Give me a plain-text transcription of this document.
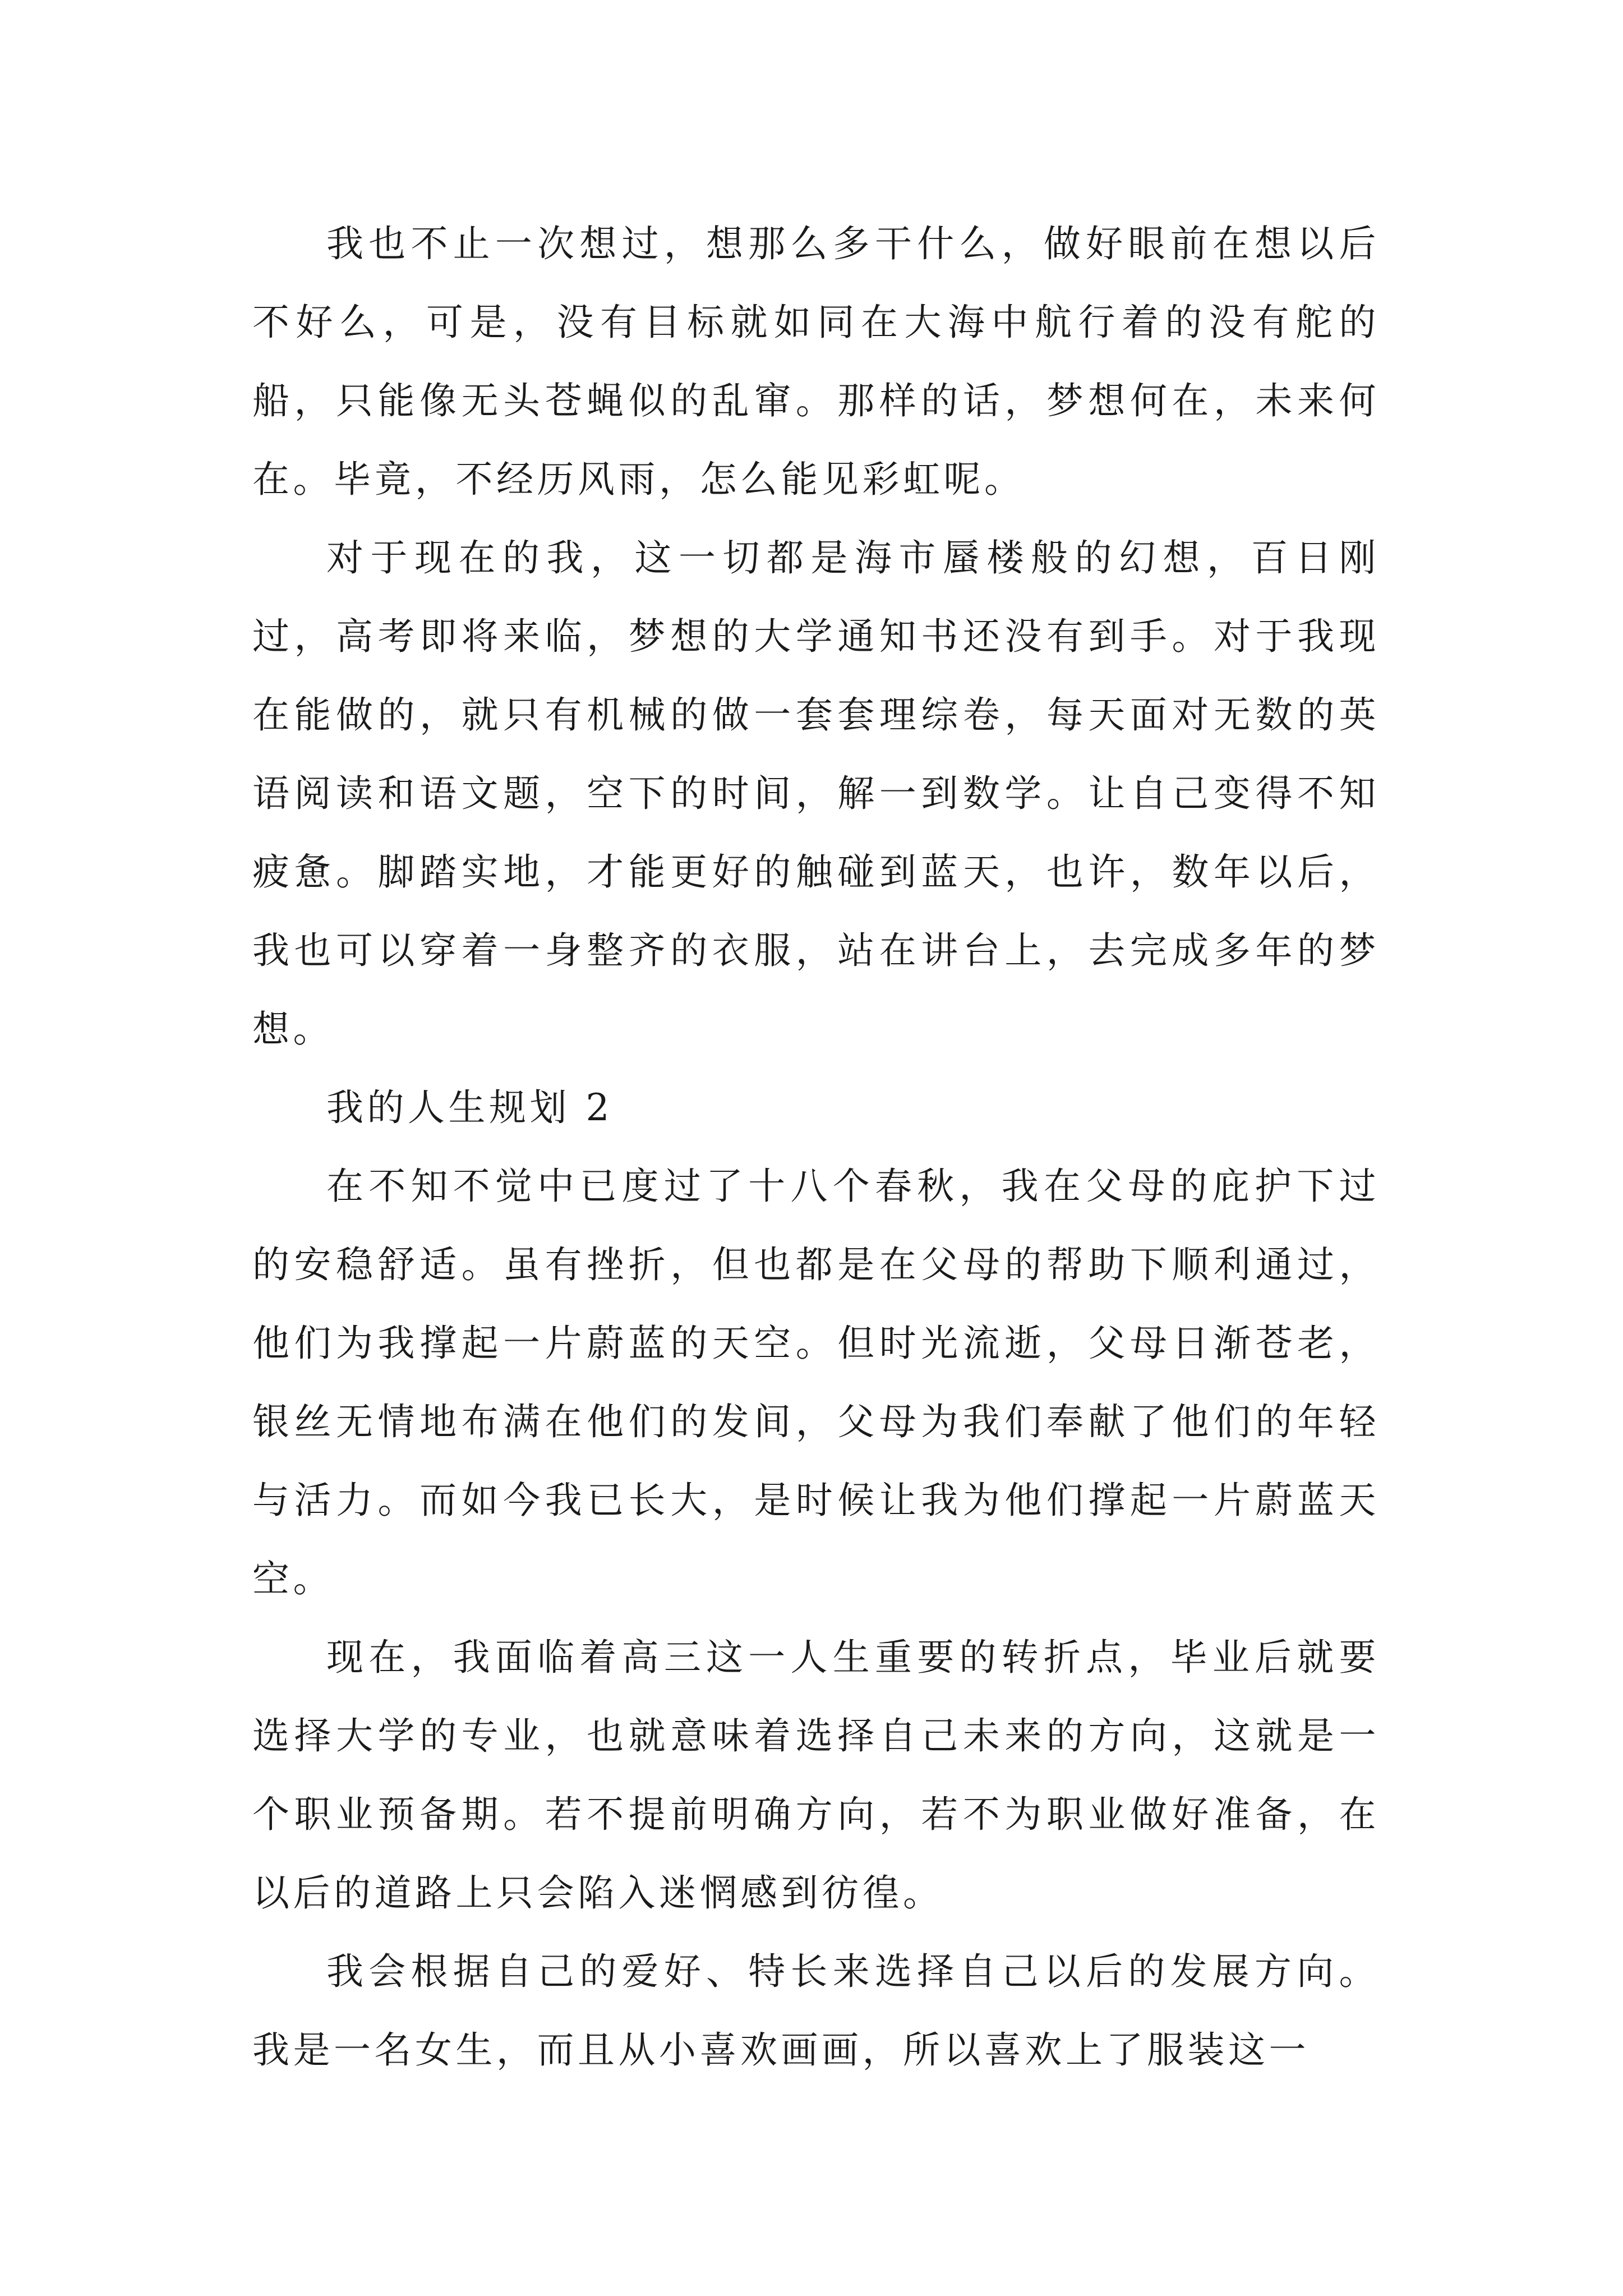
我也不止一次想过，想那么多干什么，做好眼前在想以后不好么，可是，没有目标就如同在大海中航行着的没有舵的船，只能像无头苍蝇似的乱窜。那样的话，梦想何在，未来何在。毕竟，不经历风雨，怎么能见彩虹呢。

对于现在的我，这一切都是海市蜃楼般的幻想，百日刚过，高考即将来临，梦想的大学通知书还没有到手。对于我现在能做的，就只有机械的做一套套理综卷，每天面对无数的英语阅读和语文题，空下的时间，解一到数学。让自己变得不知疲惫。脚踏实地，才能更好的触碰到蓝天，也许，数年以后，我也可以穿着一身整齐的衣服，站在讲台上，去完成多年的梦想。

我的人生规划 2

在不知不觉中已度过了十八个春秋，我在父母的庇护下过的安稳舒适。虽有挫折，但也都是在父母的帮助下顺利通过，他们为我撑起一片蔚蓝的天空。但时光流逝，父母日渐苍老，银丝无情地布满在他们的发间，父母为我们奉献了他们的年轻与活力。而如今我已长大，是时候让我为他们撑起一片蔚蓝天空。

现在，我面临着高三这一人生重要的转折点，毕业后就要选择大学的专业，也就意味着选择自己未来的方向，这就是一个职业预备期。若不提前明确方向，若不为职业做好准备，在以后的道路上只会陷入迷惘感到彷徨。

我会根据自己的爱好、特长来选择自己以后的发展方向。我是一名女生，而且从小喜欢画画，所以喜欢上了服装这一
